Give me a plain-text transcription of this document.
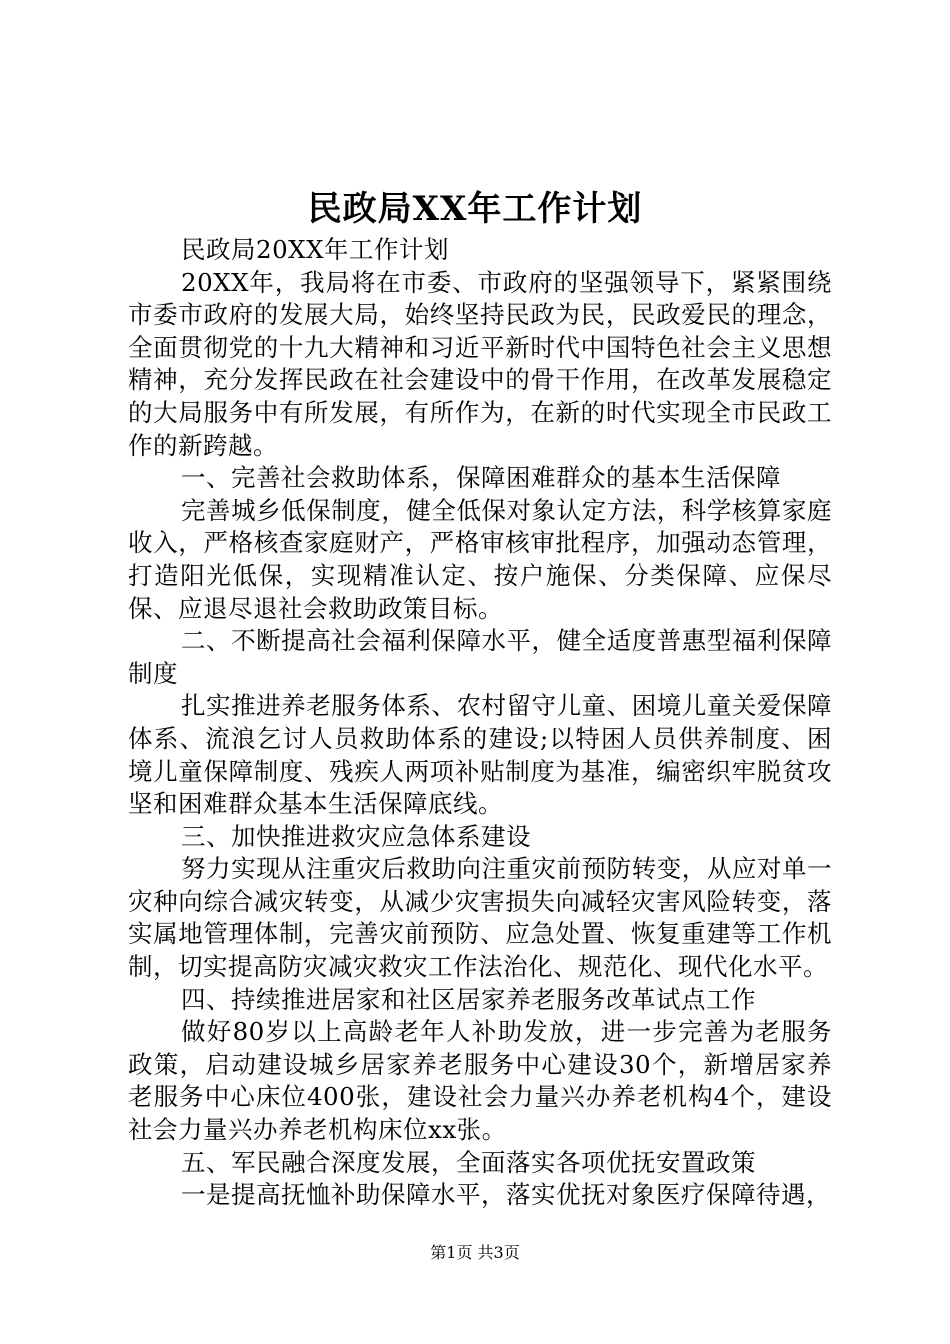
民政局XX年工作计划

民政局20XX年工作计划

20XX年，我局将在市委、市政府的坚强领导下，紧紧围绕市委市政府的发展大局，始终坚持民政为民，民政爱民的理念，全面贯彻党的十九大精神和习近平新时代中国特色社会主义思想精神，充分发挥民政在社会建设中的骨干作用，在改革发展稳定的大局服务中有所发展，有所作为，在新的时代实现全市民政工作的新跨越。

一、完善社会救助体系，保障困难群众的基本生活保障

完善城乡低保制度，健全低保对象认定方法，科学核算家庭收入，严格核查家庭财产，严格审核审批程序，加强动态管理，打造阳光低保，实现精准认定、按户施保、分类保障、应保尽保、应退尽退社会救助政策目标。

二、不断提高社会福利保障水平，健全适度普惠型福利保障制度

扎实推进养老服务体系、农村留守儿童、困境儿童关爱保障体系、流浪乞讨人员救助体系的建设;以特困人员供养制度、困境儿童保障制度、残疾人两项补贴制度为基准，编密织牢脱贫攻坚和困难群众基本生活保障底线。

三、加快推进救灾应急体系建设

努力实现从注重灾后救助向注重灾前预防转变，从应对单一灾种向综合减灾转变，从减少灾害损失向减轻灾害风险转变，落实属地管理体制，完善灾前预防、应急处置、恢复重建等工作机制，切实提高防灾减灾救灾工作法治化、规范化、现代化水平。

四、持续推进居家和社区居家养老服务改革试点工作

做好80岁以上高龄老年人补助发放，进一步完善为老服务政策，启动建设城乡居家养老服务中心建设30个，新增居家养老服务中心床位400张，建设社会力量兴办养老机构4个，建设社会力量兴办养老机构床位xx张。

五、军民融合深度发展，全面落实各项优抚安置政策

一是提高抚恤补助保障水平，落实优抚对象医疗保障待遇，

第1页 共3页
